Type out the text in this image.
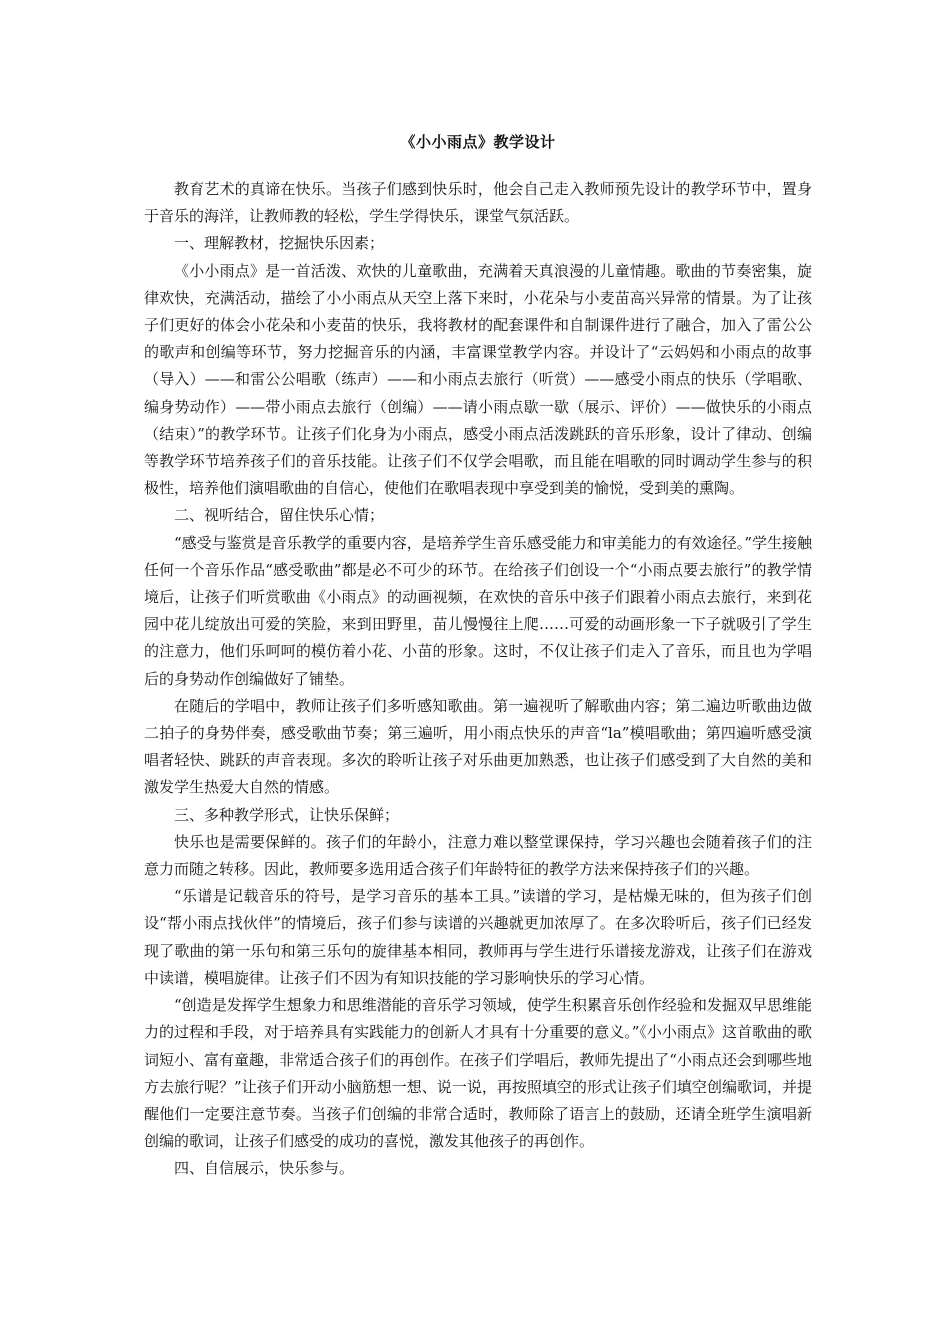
《小小雨点》教学设计

教育艺术的真谛在快乐。当孩子们感到快乐时，他会自己走入教师预先设计的教学环节中，置身于音乐的海洋，让教师教的轻松，学生学得快乐，课堂气氛活跃。

一、理解教材，挖掘快乐因素；

《小小雨点》是一首活泼、欢快的儿童歌曲，充满着天真浪漫的儿童情趣。歌曲的节奏密集，旋律欢快，充满活动，描绘了小小雨点从天空上落下来时，小花朵与小麦苗高兴异常的情景。为了让孩子们更好的体会小花朵和小麦苗的快乐，我将教材的配套课件和自制课件进行了融合，加入了雷公公的歌声和创编等环节，努力挖掘音乐的内涵，丰富课堂教学内容。并设计了“云妈妈和小雨点的故事（导入）——和雷公公唱歌（练声）——和小雨点去旅行（听赏）——感受小雨点的快乐（学唱歌、编身势动作）——带小雨点去旅行（创编）——请小雨点歇一歇（展示、评价）——做快乐的小雨点（结束）”的教学环节。让孩子们化身为小雨点，感受小雨点活泼跳跃的音乐形象，设计了律动、创编等教学环节培养孩子们的音乐技能。让孩子们不仅学会唱歌，而且能在唱歌的同时调动学生参与的积极性，培养他们演唱歌曲的自信心，使他们在歌唱表现中享受到美的愉悦，受到美的熏陶。

二、视听结合，留住快乐心情；

“感受与鉴赏是音乐教学的重要内容，是培养学生音乐感受能力和审美能力的有效途径。”学生接触任何一个音乐作品“感受歌曲”都是必不可少的环节。在给孩子们创设一个“小雨点要去旅行”的教学情境后，让孩子们听赏歌曲《小雨点》的动画视频，在欢快的音乐中孩子们跟着小雨点去旅行，来到花园中花儿绽放出可爱的笑脸，来到田野里，苗儿慢慢往上爬……可爱的动画形象一下子就吸引了学生的注意力，他们乐呵呵的模仿着小花、小苗的形象。这时，不仅让孩子们走入了音乐，而且也为学唱后的身势动作创编做好了铺垫。

在随后的学唱中，教师让孩子们多听感知歌曲。第一遍视听了解歌曲内容；第二遍边听歌曲边做二拍子的身势伴奏，感受歌曲节奏；第三遍听，用小雨点快乐的声音“la”模唱歌曲；第四遍听感受演唱者轻快、跳跃的声音表现。多次的聆听让孩子对乐曲更加熟悉，也让孩子们感受到了大自然的美和激发学生热爱大自然的情感。

三、多种教学形式，让快乐保鲜；

快乐也是需要保鲜的。孩子们的年龄小，注意力难以整堂课保持，学习兴趣也会随着孩子们的注意力而随之转移。因此，教师要多选用适合孩子们年龄特征的教学方法来保持孩子们的兴趣。

“乐谱是记载音乐的符号，是学习音乐的基本工具。”读谱的学习，是枯燥无味的，但为孩子们创设“帮小雨点找伙伴”的情境后，孩子们参与读谱的兴趣就更加浓厚了。在多次聆听后，孩子们已经发现了歌曲的第一乐句和第三乐句的旋律基本相同，教师再与学生进行乐谱接龙游戏，让孩子们在游戏中读谱，模唱旋律。让孩子们不因为有知识技能的学习影响快乐的学习心情。

“创造是发挥学生想象力和思维潜能的音乐学习领域，使学生积累音乐创作经验和发掘双早思维能力的过程和手段，对于培养具有实践能力的创新人才具有十分重要的意义。”《小小雨点》这首歌曲的歌词短小、富有童趣，非常适合孩子们的再创作。在孩子们学唱后，教师先提出了“小雨点还会到哪些地方去旅行呢？”让孩子们开动小脑筋想一想、说一说，再按照填空的形式让孩子们填空创编歌词，并提醒他们一定要注意节奏。当孩子们创编的非常合适时，教师除了语言上的鼓励，还请全班学生演唱新创编的歌词，让孩子们感受的成功的喜悦，激发其他孩子的再创作。

四、自信展示，快乐参与。
